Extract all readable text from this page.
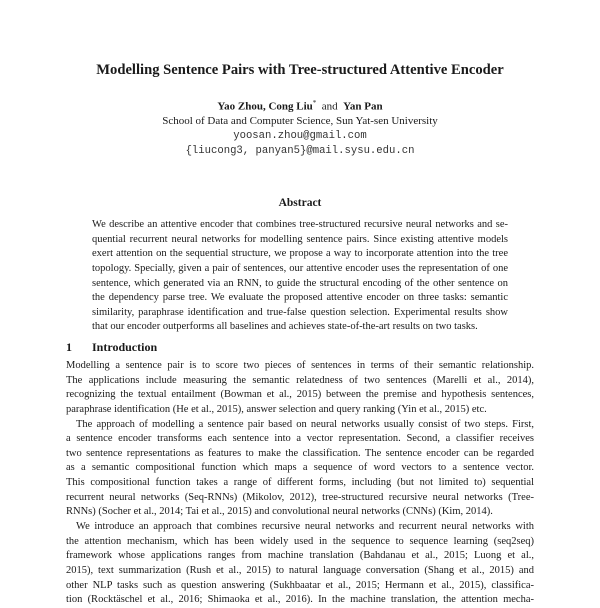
Modelling Sentence Pairs with Tree-structured Attentive Encoder
Yao Zhou, Cong Liu* and Yan Pan
School of Data and Computer Science, Sun Yat-sen University
yoosan.zhou@gmail.com
{liucong3, panyan5}@mail.sysu.edu.cn
Abstract
We describe an attentive encoder that combines tree-structured recursive neural networks and se-
quential recurrent neural networks for modelling sentence pairs. Since existing attentive models
exert attention on the sequential structure, we propose a way to incorporate attention into the tree
topology. Specially, given a pair of sentences, our attentive encoder uses the representation of one
sentence, which generated via an RNN, to guide the structural encoding of the other sentence on
the dependency parse tree. We evaluate the proposed attentive encoder on three tasks: semantic
similarity, paraphrase identification and true-false question selection. Experimental results show
that our encoder outperforms all baselines and achieves state-of-the-art results on two tasks.
1 Introduction
Modelling a sentence pair is to score two pieces of sentences in terms of their semantic relationship.
The applications include measuring the semantic relatedness of two sentences (Marelli et al., 2014),
recognizing the textual entailment (Bowman et al., 2015) between the premise and hypothesis sentences,
paraphrase identification (He et al., 2015), answer selection and query ranking (Yin et al., 2015) etc.
The approach of modelling a sentence pair based on neural networks usually consist of two steps. First,
a sentence encoder transforms each sentence into a vector representation. Second, a classifier receives
two sentence representations as features to make the classification. The sentence encoder can be regarded
as a semantic compositional function which maps a sequence of word vectors to a sentence vector.
This compositional function takes a range of different forms, including (but not limited to) sequential
recurrent neural networks (Seq-RNNs) (Mikolov, 2012), tree-structured recursive neural networks (Tree-
RNNs) (Socher et al., 2014; Tai et al., 2015) and convolutional neural networks (CNNs) (Kim, 2014).
We introduce an approach that combines recursive neural networks and recurrent neural networks with
the attention mechanism, which has been widely used in the sequence to sequence learning (seq2seq)
framework whose applications ranges from machine translation (Bahdanau et al., 2015; Luong et al.,
2015), text summarization (Rush et al., 2015) to natural language conversation (Shang et al., 2015) and
other NLP tasks such as question answering (Sukhbaatar et al., 2015; Hermann et al., 2015), classifica-
tion (Rocktäschel et al., 2016; Shimaoka et al., 2016). In the machine translation, the attention mecha-
